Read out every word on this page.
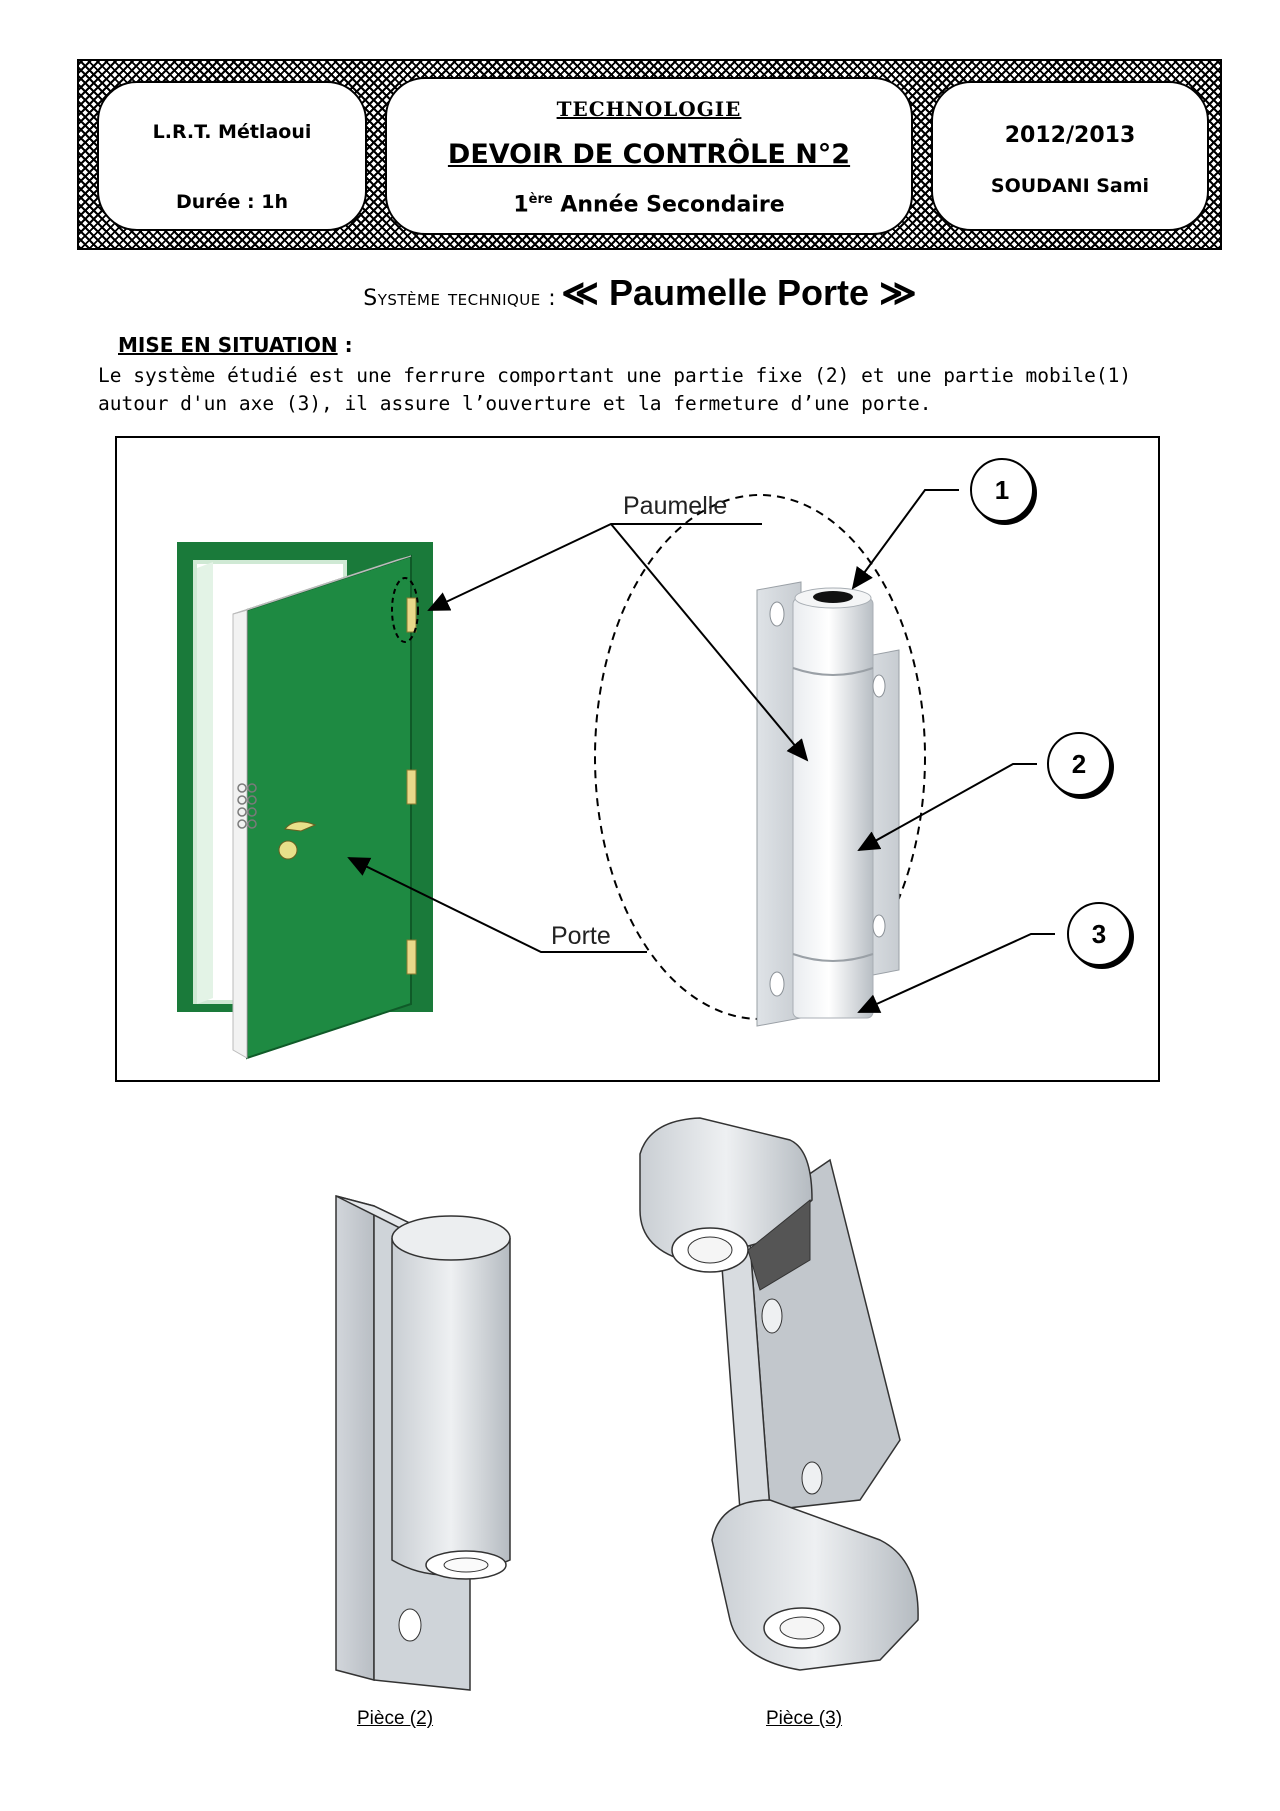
L.R.T. Métlaoui
Durée : 1h
TECHNOLOGIE
DEVOIR DE CONTRÔLE N°2
1ère Année Secondaire
2012/2013
SOUDANI Sami
Système technique : ≪ Paumelle Porte ≫
MISE EN SITUATION :
Le système étudié est une ferrure comportant une partie fixe (2) et une partie mobile(1) autour d'un axe (3), il assure l’ouverture et la fermeture d’une porte.
Paumelle
Porte
1
2
3
Pièce (2)	Pièce (3)
